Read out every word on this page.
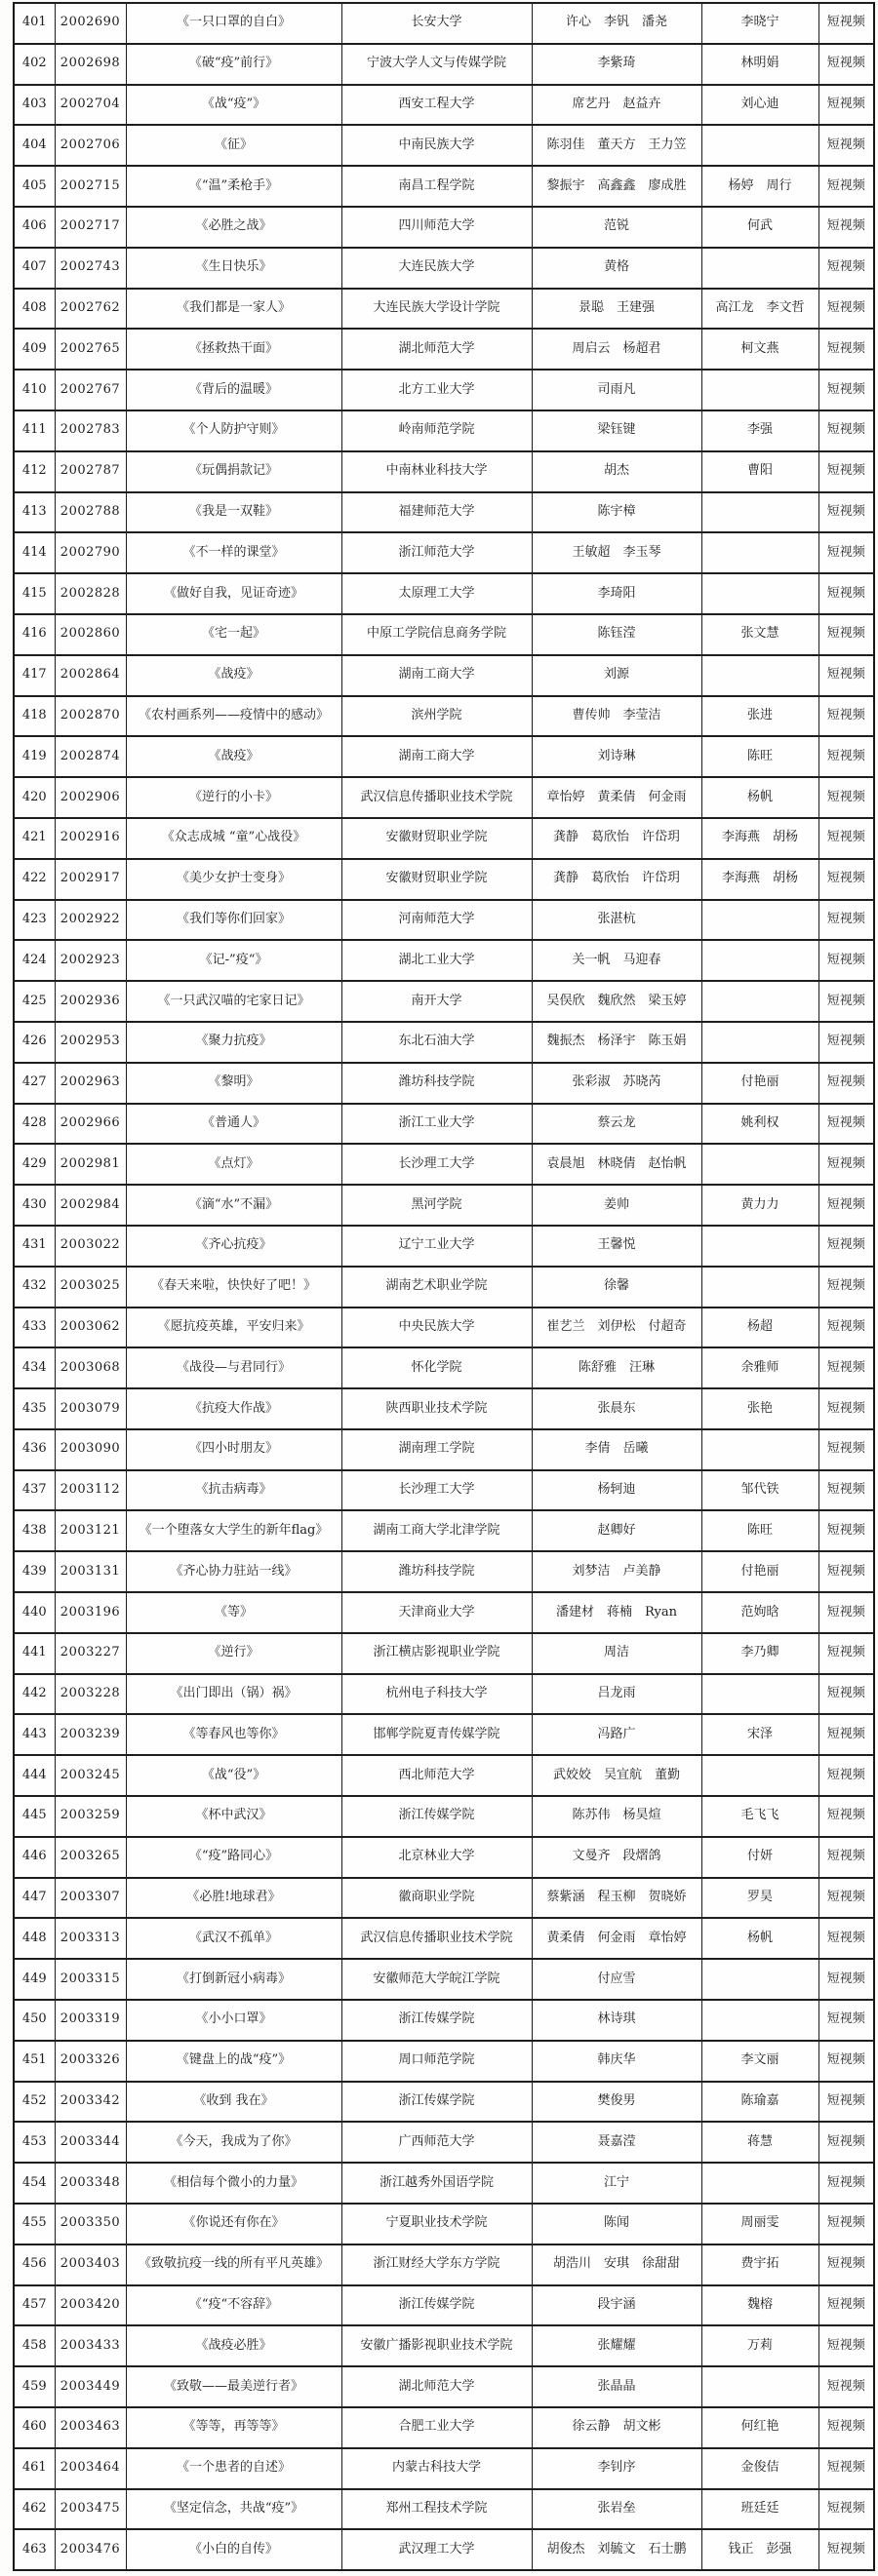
401	2002690	《一只口罩的自白》	长安大学	许心　李钒　潘尧	李晓宁	短视频
402	2002698	《破“疫”前行》	宁波大学人文与传媒学院	李紫琦	林明娟	短视频
403	2002704	《战“疫”》	西安工程大学	席艺丹　赵益卉	刘心迪	短视频
404	2002706	《征》	中南民族大学	陈羽佳　董天方　王力笠		短视频
405	2002715	《“温”柔枪手》	南昌工程学院	黎振宇　高鑫鑫　廖成胜	杨婷　周行	短视频
406	2002717	《必胜之战》	四川师范大学	范锐	何武	短视频
407	2002743	《生日快乐》	大连民族大学	黄格		短视频
408	2002762	《我们都是一家人》	大连民族大学设计学院	景聪　王建强	高江龙　李文哲	短视频
409	2002765	《拯救热干面》	湖北师范大学	周启云　杨超君	柯文燕	短视频
410	2002767	《背后的温暖》	北方工业大学	司雨凡		短视频
411	2002783	《个人防护守则》	岭南师范学院	梁钰键	李强	短视频
412	2002787	《玩偶捐款记》	中南林业科技大学	胡杰	曹阳	短视频
413	2002788	《我是一双鞋》	福建师范大学	陈宇樟		短视频
414	2002790	《不一样的课堂》	浙江师范大学	王敏超　李玉琴		短视频
415	2002828	《做好自我，见证奇迹》	太原理工大学	李琦阳		短视频
416	2002860	《宅一起》	中原工学院信息商务学院	陈钰滢	张文慧	短视频
417	2002864	《战疫》	湖南工商大学	刘源		短视频
418	2002870	《农村画系列——疫情中的感动》	滨州学院	曹传帅　李莹洁	张进	短视频
419	2002874	《战疫》	湖南工商大学	刘诗琳	陈旺	短视频
420	2002906	《逆行的小卡》	武汉信息传播职业技术学院	章怡婷　黄柔倩　何金雨	杨帆	短视频
421	2002916	《众志成城 “童”心战役》	安徽财贸职业学院	龚静　葛欣怡　许岱玥	李海燕　胡杨	短视频
422	2002917	《美少女护士变身》	安徽财贸职业学院	龚静　葛欣怡　许岱玥	李海燕　胡杨	短视频
423	2002922	《我们等你们回家》	河南师范大学	张湛杭		短视频
424	2002923	《记-”疫“》	湖北工业大学	关一帆　马迎春		短视频
425	2002936	《一只武汉喵的宅家日记》	南开大学	吴俣欣　魏欣然　梁玉婷		短视频
426	2002953	《聚力抗疫》	东北石油大学	魏振杰　杨泽宇　陈玉娟		短视频
427	2002963	《黎明》	潍坊科技学院	张彩淑　苏晓芮	付艳丽	短视频
428	2002966	《普通人》	浙江工业大学	蔡云龙	姚利权	短视频
429	2002981	《点灯》	长沙理工大学	袁晨旭　林晓倩　赵怡帆		短视频
430	2002984	《滴“水”不漏》	黑河学院	姜帅	黄力力	短视频
431	2003022	《齐心抗疫》	辽宁工业大学	王馨悦		短视频
432	2003025	《春天来啦，快快好了吧！》	湖南艺术职业学院	徐馨		短视频
433	2003062	《愿抗疫英雄，平安归来》	中央民族大学	崔艺兰　刘伊松　付超奇	杨超	短视频
434	2003068	《战役—与君同行》	怀化学院	陈舒雅　汪琳	余雅师	短视频
435	2003079	《抗疫大作战》	陕西职业技术学院	张晨东	张艳	短视频
436	2003090	《四小时朋友》	湖南理工学院	李倩　岳曦		短视频
437	2003112	《抗击病毒》	长沙理工大学	杨轲迪	邹代铁	短视频
438	2003121	《一个堕落女大学生的新年flag》	湖南工商大学北津学院	赵卿好	陈旺	短视频
439	2003131	《齐心协力驻站一线》	潍坊科技学院	刘梦洁　卢美静	付艳丽	短视频
440	2003196	《等》	天津商业大学	潘建材　蒋楠　Ryan	范姁晗	短视频
441	2003227	《逆行》	浙江横店影视职业学院	周洁	李乃卿	短视频
442	2003228	《出门即出（锅）祸》	杭州电子科技大学	吕龙雨		短视频
443	2003239	《等春风也等你》	邯郸学院夏青传媒学院	冯路广	宋泽	短视频
444	2003245	《战“役”》	西北师范大学	武姣姣　吴宜航　董勤		短视频
445	2003259	《杯中武汉》	浙江传媒学院	陈苏伟　杨昊煊	毛飞飞	短视频
446	2003265	《“疫”路同心》	北京林业大学	文曼齐　段熠鸽	付妍	短视频
447	2003307	《必胜!地球君》	徽商职业学院	蔡紫涵　程玉柳　贺晓娇	罗昊	短视频
448	2003313	《武汉不孤单》	武汉信息传播职业技术学院	黄柔倩　何金雨　章怡婷	杨帆	短视频
449	2003315	《打倒新冠小病毒》	安徽师范大学皖江学院	付应雪		短视频
450	2003319	《小小口罩》	浙江传媒学院	林诗琪		短视频
451	2003326	《键盘上的战“疫”》	周口师范学院	韩庆华	李文丽	短视频
452	2003342	《收到 我在》	浙江传媒学院	樊俊男	陈瑜嘉	短视频
453	2003344	《今天，我成为了你》	广西师范大学	聂嘉滢	蒋慧	短视频
454	2003348	《相信每个微小的力量》	浙江越秀外国语学院	江宁		短视频
455	2003350	《你说还有你在》	宁夏职业技术学院	陈闻	周丽雯	短视频
456	2003403	《致敬抗疫一线的所有平凡英雄》	浙江财经大学东方学院	胡浩川　安琪　徐甜甜	费宇拓	短视频
457	2003420	《“疫“不容辞》	浙江传媒学院	段宇涵	魏榕	短视频
458	2003433	《战疫必胜》	安徽广播影视职业技术学院	张耀耀	万莉	短视频
459	2003449	《致敬——最美逆行者》	湖北师范大学	张晶晶		短视频
460	2003463	《等等，再等等》	合肥工业大学	徐云静　胡文彬	何红艳	短视频
461	2003464	《一个患者的自述》	内蒙古科技大学	李钊序	金俊佶	短视频
462	2003475	《坚定信念，共战“疫”》	郑州工程技术学院	张岩垒	班廷廷	短视频
463	2003476	《小白的自传》	武汉理工大学	胡俊杰　刘毓文　石士鹏	钱正　彭强	短视频
